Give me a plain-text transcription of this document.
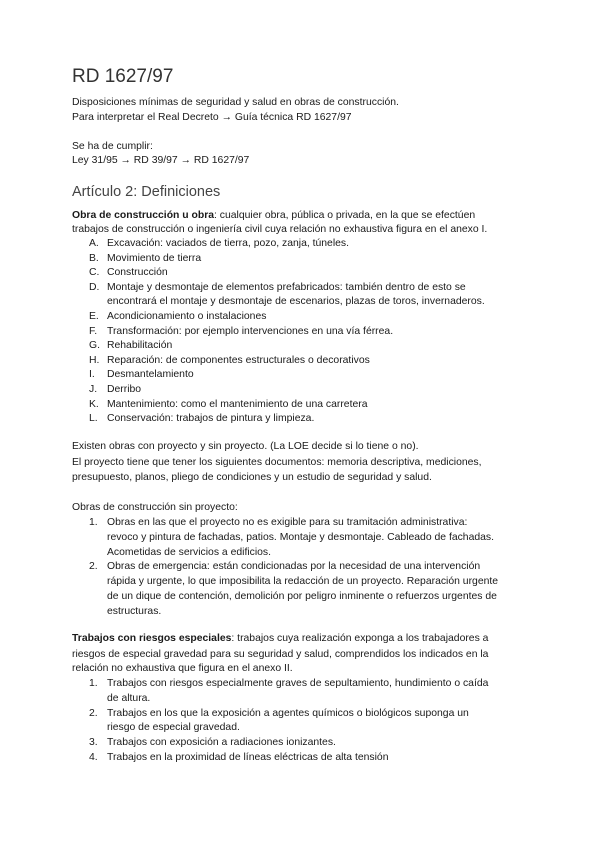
RD 1627/97
Disposiciones mínimas de seguridad y salud en obras de construcción.
Para interpretar el Real Decreto → Guía técnica RD 1627/97
Se ha de cumplir:
Ley 31/95 → RD 39/97 → RD 1627/97
Artículo 2: Definiciones
Obra de construcción u obra: cualquier obra, pública o privada, en la que se efectúen
trabajos de construcción o ingeniería civil cuya relación no exhaustiva figura en el anexo I.
A. Excavación: vaciados de tierra, pozo, zanja, túneles.
B. Movimiento de tierra
C. Construcción
D. Montaje y desmontaje de elementos prefabricados: también dentro de esto se
encontrará el montaje y desmontaje de escenarios, plazas de toros, invernaderos.
E. Acondicionamiento o instalaciones
F. Transformación: por ejemplo intervenciones en una vía férrea.
G. Rehabilitación
H. Reparación: de componentes estructurales o decorativos
I.	Desmantelamiento
J. Derribo
K. Mantenimiento: como el mantenimiento de una carretera
L. Conservación: trabajos de pintura y limpieza.
Existen obras con proyecto y sin proyecto. (La LOE decide si lo tiene o no).
El proyecto tiene que tener los siguientes documentos: memoria descriptiva, mediciones,
presupuesto, planos, pliego de condiciones y un estudio de seguridad y salud.
Obras de construcción sin proyecto:
1. Obras en las que el proyecto no es exigible para su tramitación administrativa:
revoco y pintura de fachadas, patios. Montaje y desmontaje. Cableado de fachadas.
Acometidas de servicios a edificios.
2. Obras de emergencia: están condicionadas por la necesidad de una intervención
rápida y urgente, lo que imposibilita la redacción de un proyecto. Reparación urgente
de un dique de contención, demolición por peligro inminente o refuerzos urgentes de
estructuras.
Trabajos con riesgos especiales: trabajos cuya realización exponga a los trabajadores a
riesgos de especial gravedad para su seguridad y salud, comprendidos los indicados en la
relación no exhaustiva que figura en el anexo II.
1. Trabajos con riesgos especialmente graves de sepultamiento, hundimiento o caída
de altura.
2. Trabajos en los que la exposición a agentes químicos o biológicos suponga un
riesgo de especial gravedad.
3. Trabajos con exposición a radiaciones ionizantes.
4. Trabajos en la proximidad de líneas eléctricas de alta tensión
